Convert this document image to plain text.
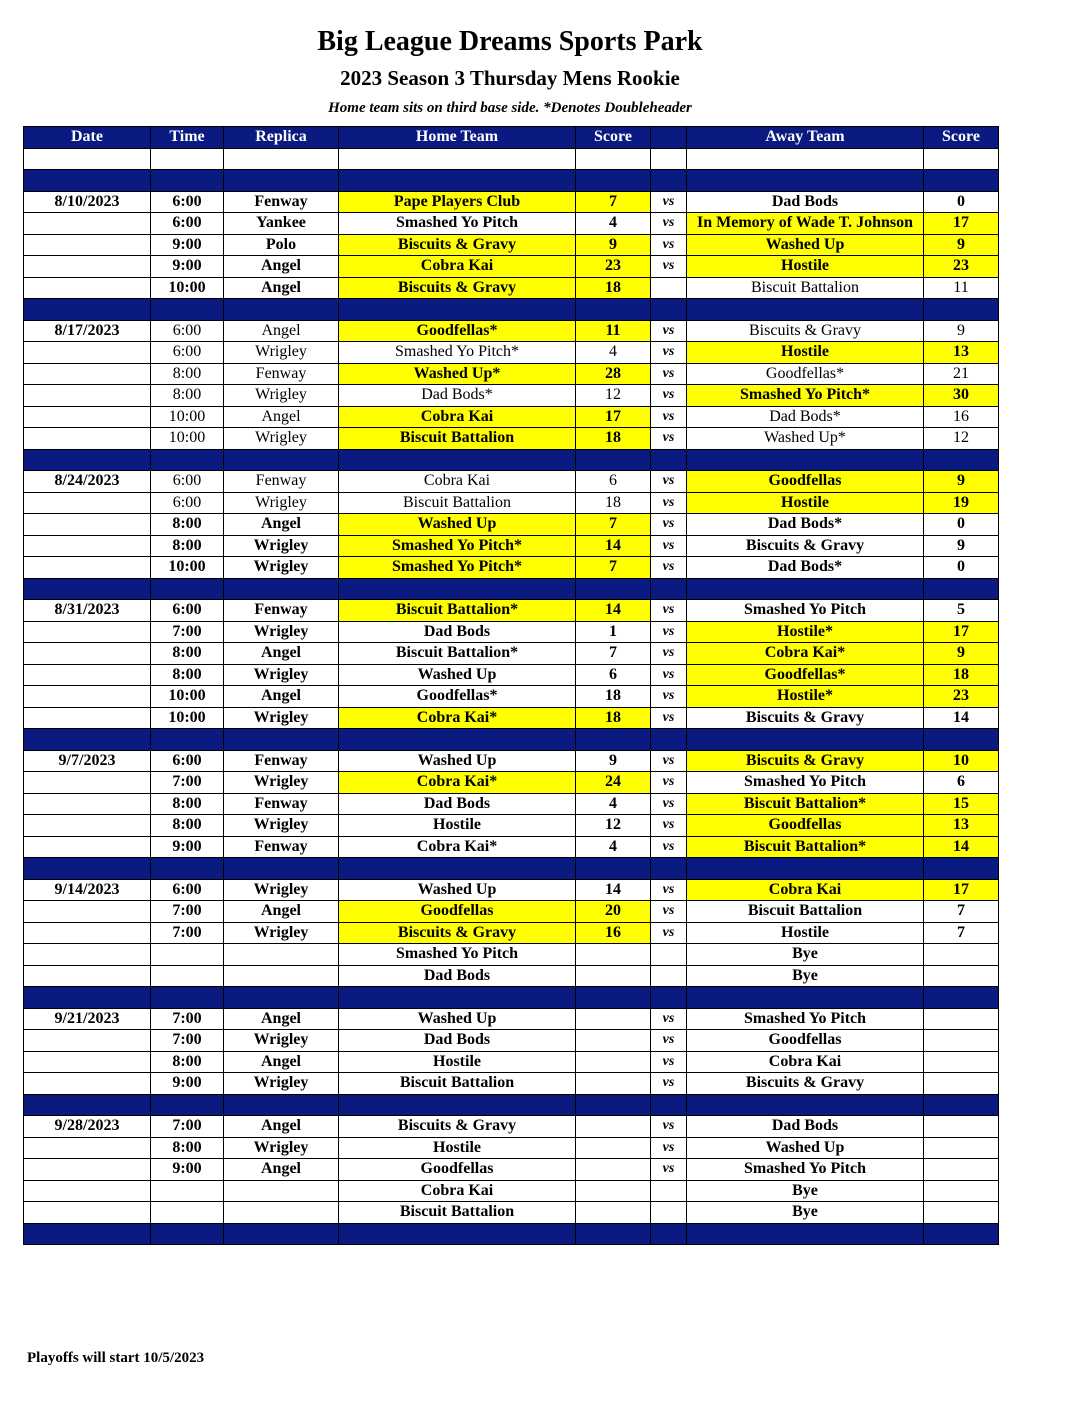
Big League Dreams Sports Park
2023 Season 3 Thursday Mens Rookie
Home team sits on third base side. *Denotes Doubleheader
Date	Time	Replica	Home Team	Score		Away Team	Score

8/10/2023	6:00	Fenway	Pape Players Club	7	vs	Dad Bods	0
	6:00	Yankee	Smashed Yo Pitch	4	vs	In Memory of Wade T. Johnson	17
	9:00	Polo	Biscuits & Gravy	9	vs	Washed Up	9
	9:00	Angel	Cobra Kai	23	vs	Hostile	23
	10:00	Angel	Biscuits & Gravy	18		Biscuit Battalion	11

8/17/2023	6:00	Angel	Goodfellas*	11	vs	Biscuits & Gravy	9
	6:00	Wrigley	Smashed Yo Pitch*	4	vs	Hostile	13
	8:00	Fenway	Washed Up*	28	vs	Goodfellas*	21
	8:00	Wrigley	Dad Bods*	12	vs	Smashed Yo Pitch*	30
	10:00	Angel	Cobra Kai	17	vs	Dad Bods*	16
	10:00	Wrigley	Biscuit Battalion	18	vs	Washed Up*	12

8/24/2023	6:00	Fenway	Cobra Kai	6	vs	Goodfellas	9
	6:00	Wrigley	Biscuit Battalion	18	vs	Hostile	19
	8:00	Angel	Washed Up	7	vs	Dad Bods*	0
	8:00	Wrigley	Smashed Yo Pitch*	14	vs	Biscuits & Gravy	9
	10:00	Wrigley	Smashed Yo Pitch*	7	vs	Dad Bods*	0

8/31/2023	6:00	Fenway	Biscuit Battalion*	14	vs	Smashed Yo Pitch	5
	7:00	Wrigley	Dad Bods	1	vs	Hostile*	17
	8:00	Angel	Biscuit Battalion*	7	vs	Cobra Kai*	9
	8:00	Wrigley	Washed Up	6	vs	Goodfellas*	18
	10:00	Angel	Goodfellas*	18	vs	Hostile*	23
	10:00	Wrigley	Cobra Kai*	18	vs	Biscuits & Gravy	14

9/7/2023	6:00	Fenway	Washed Up	9	vs	Biscuits & Gravy	10
	7:00	Wrigley	Cobra Kai*	24	vs	Smashed Yo Pitch	6
	8:00	Fenway	Dad Bods	4	vs	Biscuit Battalion*	15
	8:00	Wrigley	Hostile	12	vs	Goodfellas	13
	9:00	Fenway	Cobra Kai*	4	vs	Biscuit Battalion*	14

9/14/2023	6:00	Wrigley	Washed Up	14	vs	Cobra Kai	17
	7:00	Angel	Goodfellas	20	vs	Biscuit Battalion	7
	7:00	Wrigley	Biscuits & Gravy	16	vs	Hostile	7
			Smashed Yo Pitch			Bye	
			Dad Bods			Bye	

9/21/2023	7:00	Angel	Washed Up		vs	Smashed Yo Pitch	
	7:00	Wrigley	Dad Bods		vs	Goodfellas	
	8:00	Angel	Hostile		vs	Cobra Kai	
	9:00	Wrigley	Biscuit Battalion		vs	Biscuits & Gravy	

9/28/2023	7:00	Angel	Biscuits & Gravy		vs	Dad Bods	
	8:00	Wrigley	Hostile		vs	Washed Up	
	9:00	Angel	Goodfellas		vs	Smashed Yo Pitch	
			Cobra Kai			Bye	
			Biscuit Battalion			Bye	

Playoffs will start 10/5/2023
